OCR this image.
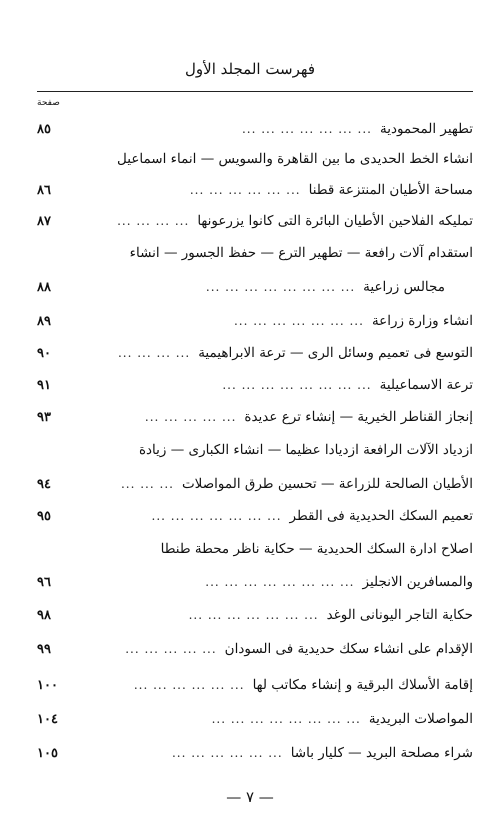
فهرست المجلد الأول
صفحة
تطهير المحمودية
... ... ... ... ... ... ...
٨٥
انشاء الخط الحديدى ما بين القاهرة والسويس — انماء اسماعيل
مساحة الأطيان المنتزعة قطنا
... ... ... ... ... ...
٨٦
تمليكه الفلاحين الأطيان البائرة التى كانوا يزرعونها
... ... ... ...
٨٧
استقدام آلات رافعة — تطهير الترع — حفظ الجسور — انشاء
مجالس زراعية
... ... ... ... ... ... ... ...
٨٨
انشاء وزارة زراعة
... ... ... ... ... ... ...
٨٩
التوسع فى تعميم وسائل الرى — ترعة الابراهيمية
... ... ... ...
٩٠
ترعة الاسماعيلية
... ... ... ... ... ... ... ...
٩١
إنجاز القناطر الخيرية — إنشاء ترع عديدة
... ... ... ... ...
٩٣
ازدياد الآلات الرافعة ازديادا عظيما — انشاء الكبارى — زيادة
الأطيان الصالحة للزراعة — تحسين طرق المواصلات
... ... ...
٩٤
تعميم السكك الحديدية فى القطر
... ... ... ... ... ... ...
٩٥
اصلاح ادارة السكك الحديدية — حكاية ناظر محطة طنطا
والمسافرين الانجليز
... ... ... ... ... ... ... ...
٩٦
حكاية التاجر اليونانى الوغد
... ... ... ... ... ... ...
٩٨
الإقدام على انشاء سكك حديدية فى السودان
... ... ... ... ...
٩٩
إقامة الأسلاك البرقية و إنشاء مكاتب لها
... ... ... ... ... ...
١٠٠
المواصلات البريدية
... ... ... ... ... ... ... ...
١٠٤
شراء مصلحة البريد — كليار باشا
... ... ... ... ... ...
١٠٥
— ٧ —
